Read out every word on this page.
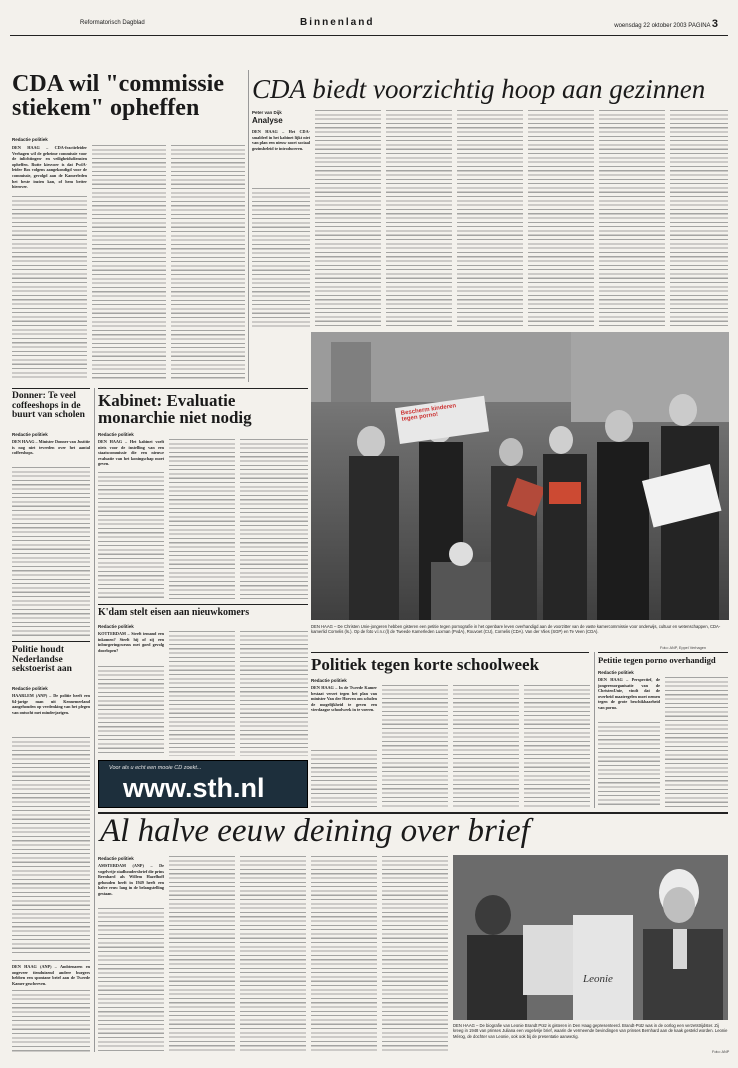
Reformatorisch Dagblad	Binnenland	woensdag 22 oktober 2003 PAGINA 3
CDA wil "commissie stiekem" opheffen
Redactie politiek
DEN HAAG – CDA-fractieleider Verhagen wil de geheime commissie voor de inlichtingen- en veiligheidsdiensten opheffen. Rutte kiesvoer is dat PvdA-leider Bos volgens aangekondigd voor de commissie, gevolgd aan de Kamerleden het beste inzien kan, of hem better hierover.
Donner: Te veel coffeeshops in de buurt van scholen
Redactie politiek
DEN HAAG – Minister Donner van Justitie is nog niet tevreden over het aantal coffeeshops.
Politie houdt Nederlandse sekstoerist aan
Redactie politiek
HAARLEM (ANP) – De politie heeft een 64-jarige man uit Kennemerland aangehouden op verdenking van het plegen van ontucht met minderjarigen.
DEN HAAG (ANP) – Ambtenaren en ongeveer tienduizend andere burgers hebben een spontane brief aan de Tweede Kamer geschreven.
Kabinet: Evaluatie monarchie niet nodig
Redactie politiek
DEN HAAG – Het kabinet voelt niets voor de instelling van een staatscommissie die een nieuwe evaluatie van het koningschap moet geven.
K'dam stelt eisen aan nieuwkomers
Redactie politiek
KOTTERDAM – Steeft iemand een inkomen? Steelt hij of zij een inburgeringcursus met goed gevolg doorlopen?
Voor als u echt een mooie CD zoekt...
www.sth.nl
CDA biedt voorzichtig hoop aan gezinnen
Peter van Dijk
Analyse
DEN HAAG – Het CDA-smaldeel in het kabinet lijkt niet van plan een nieuw soort sociaal gezinsbeleid te introduceren.
Bescherm kinderen tegen porno!
DEN HAAG – De Christen Unie-jongeren hebben gisteren een petitie tegen pornografie in het openbare leven overhandigd aan de voorzitter van de vaste kamercommissie voor onderwijs, cultuur en wetenschappen, CDA-kamerlid Cornelis (ls.). Op de foto v.l.n.r.(l) de Tweede Kamerleden Luxman (PvdA), Rouvoet (CU), Cornelis (CDA). Van der Vlies (SGP) en Te Veen (CDA).
Foto: ANP, Eppel Verhagen
Politiek tegen korte schoolweek
Redactie politiek
DEN HAAG – In de Tweede Kamer bestaat verzet tegen het plan van minister Van der Hoeven om scholen de mogelijkheid te geven een vierdaagse schoolweek in te voeren.
Petitie tegen porno overhandigd
Redactie politiek
DEN HAAG – Perspectief, de jongerenorganisatie van de ChristenUnie, vindt dat de overheid maatregelen moet nemen tegen de grote beschikbaarheid van porno.
Al halve eeuw deining over brief
Redactie politiek
AMSTERDAM (ANP) – De vogelvrije stadhoudersbrief die prins Bernhard als Willem Hazelhoff gehouden heeft in 1949 heeft een halve eeuw lang in de belangstelling gestaan.
Leonie
DEN HAAG – De biografie van Leonie Brandt Pütz is gisteren in Den Haag gepresenteerd. Brandt-Pütz was in de oorlog een verzetstrijdster. Zij kreeg in 1948 van prinses Juliana een vogelvrije brief, waarin de vermeende bevindingen van prinses Bernhard aan de kaak gesteld worden. Leonie Mérog, de dochter van Leonie, ook ook bij de presentatie aanwezig.
Foto: ANP
